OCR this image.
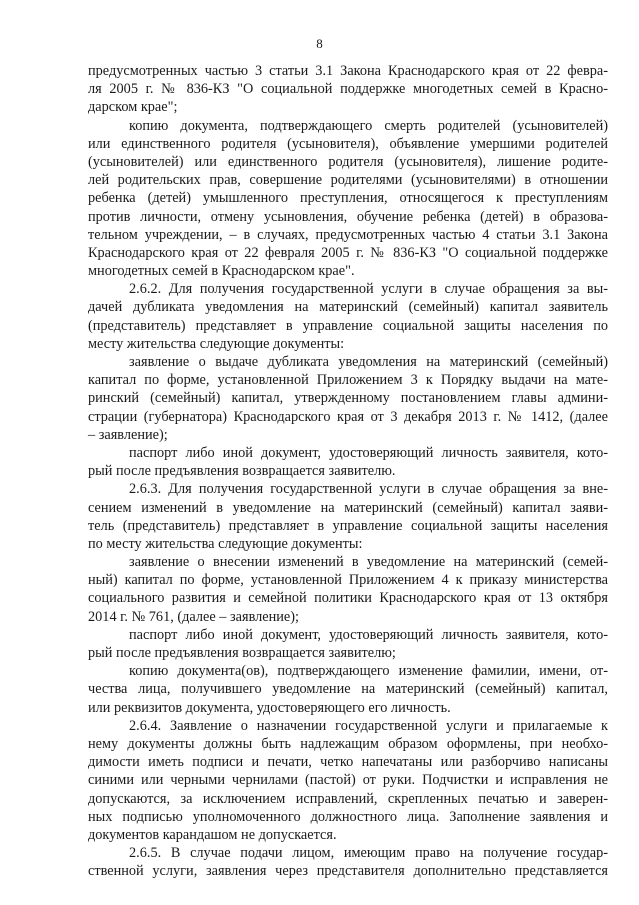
8
предусмотренных частью 3 статьи 3.1 Закона Краснодарского края от 22 февра-
ля 2005 г. № 836-КЗ "О социальной поддержке многодетных семей в Красно-
дарском крае";
копию документа, подтверждающего смерть родителей (усыновителей)
или единственного родителя (усыновителя), объявление умершими родителей
(усыновителей) или единственного родителя (усыновителя), лишение родите-
лей родительских прав, совершение родителями (усыновителями) в отношении
ребенка (детей) умышленного преступления, относящегося к преступлениям
против личности, отмену усыновления, обучение ребенка (детей) в образова-
тельном учреждении, – в случаях, предусмотренных частью 4 статьи 3.1 Закона
Краснодарского края от 22 февраля 2005 г. № 836-КЗ "О социальной поддержке
многодетных семей в Краснодарском крае".
2.6.2. Для получения государственной услуги в случае обращения за вы-
дачей дубликата уведомления на материнский (семейный) капитал заявитель
(представитель) представляет в управление социальной защиты населения по
месту жительства следующие документы:
заявление о выдаче дубликата уведомления на материнский (семейный)
капитал по форме, установленной Приложением 3 к Порядку выдачи на мате-
ринский (семейный) капитал, утвержденному постановлением главы админи-
страции (губернатора) Краснодарского края от 3 декабря 2013 г. № 1412, (далее
– заявление);
паспорт либо иной документ, удостоверяющий личность заявителя, кото-
рый после предъявления возвращается заявителю.
2.6.3. Для получения государственной услуги в случае обращения за вне-
сением изменений в уведомление на материнский (семейный) капитал заяви-
тель (представитель) представляет в управление социальной защиты населения
по месту жительства следующие документы:
заявление о внесении изменений в уведомление на материнский (семей-
ный) капитал по форме, установленной Приложением 4 к приказу министерства
социального развития и семейной политики Краснодарского края от 13 октября
2014 г. № 761, (далее – заявление);
паспорт либо иной документ, удостоверяющий личность заявителя, кото-
рый после предъявления возвращается заявителю;
копию документа(ов), подтверждающего изменение фамилии, имени, от-
чества лица, получившего уведомление на материнский (семейный) капитал,
или реквизитов документа, удостоверяющего его личность.
2.6.4. Заявление о назначении государственной услуги и прилагаемые к
нему документы должны быть надлежащим образом оформлены, при необхо-
димости иметь подписи и печати, четко напечатаны или разборчиво написаны
синими или черными чернилами (пастой) от руки. Подчистки и исправления не
допускаются, за исключением исправлений, скрепленных печатью и заверен-
ных подписью уполномоченного должностного лица. Заполнение заявления и
документов карандашом не допускается.
2.6.5. В случае подачи лицом, имеющим право на получение государ-
ственной услуги, заявления через представителя дополнительно представляется
